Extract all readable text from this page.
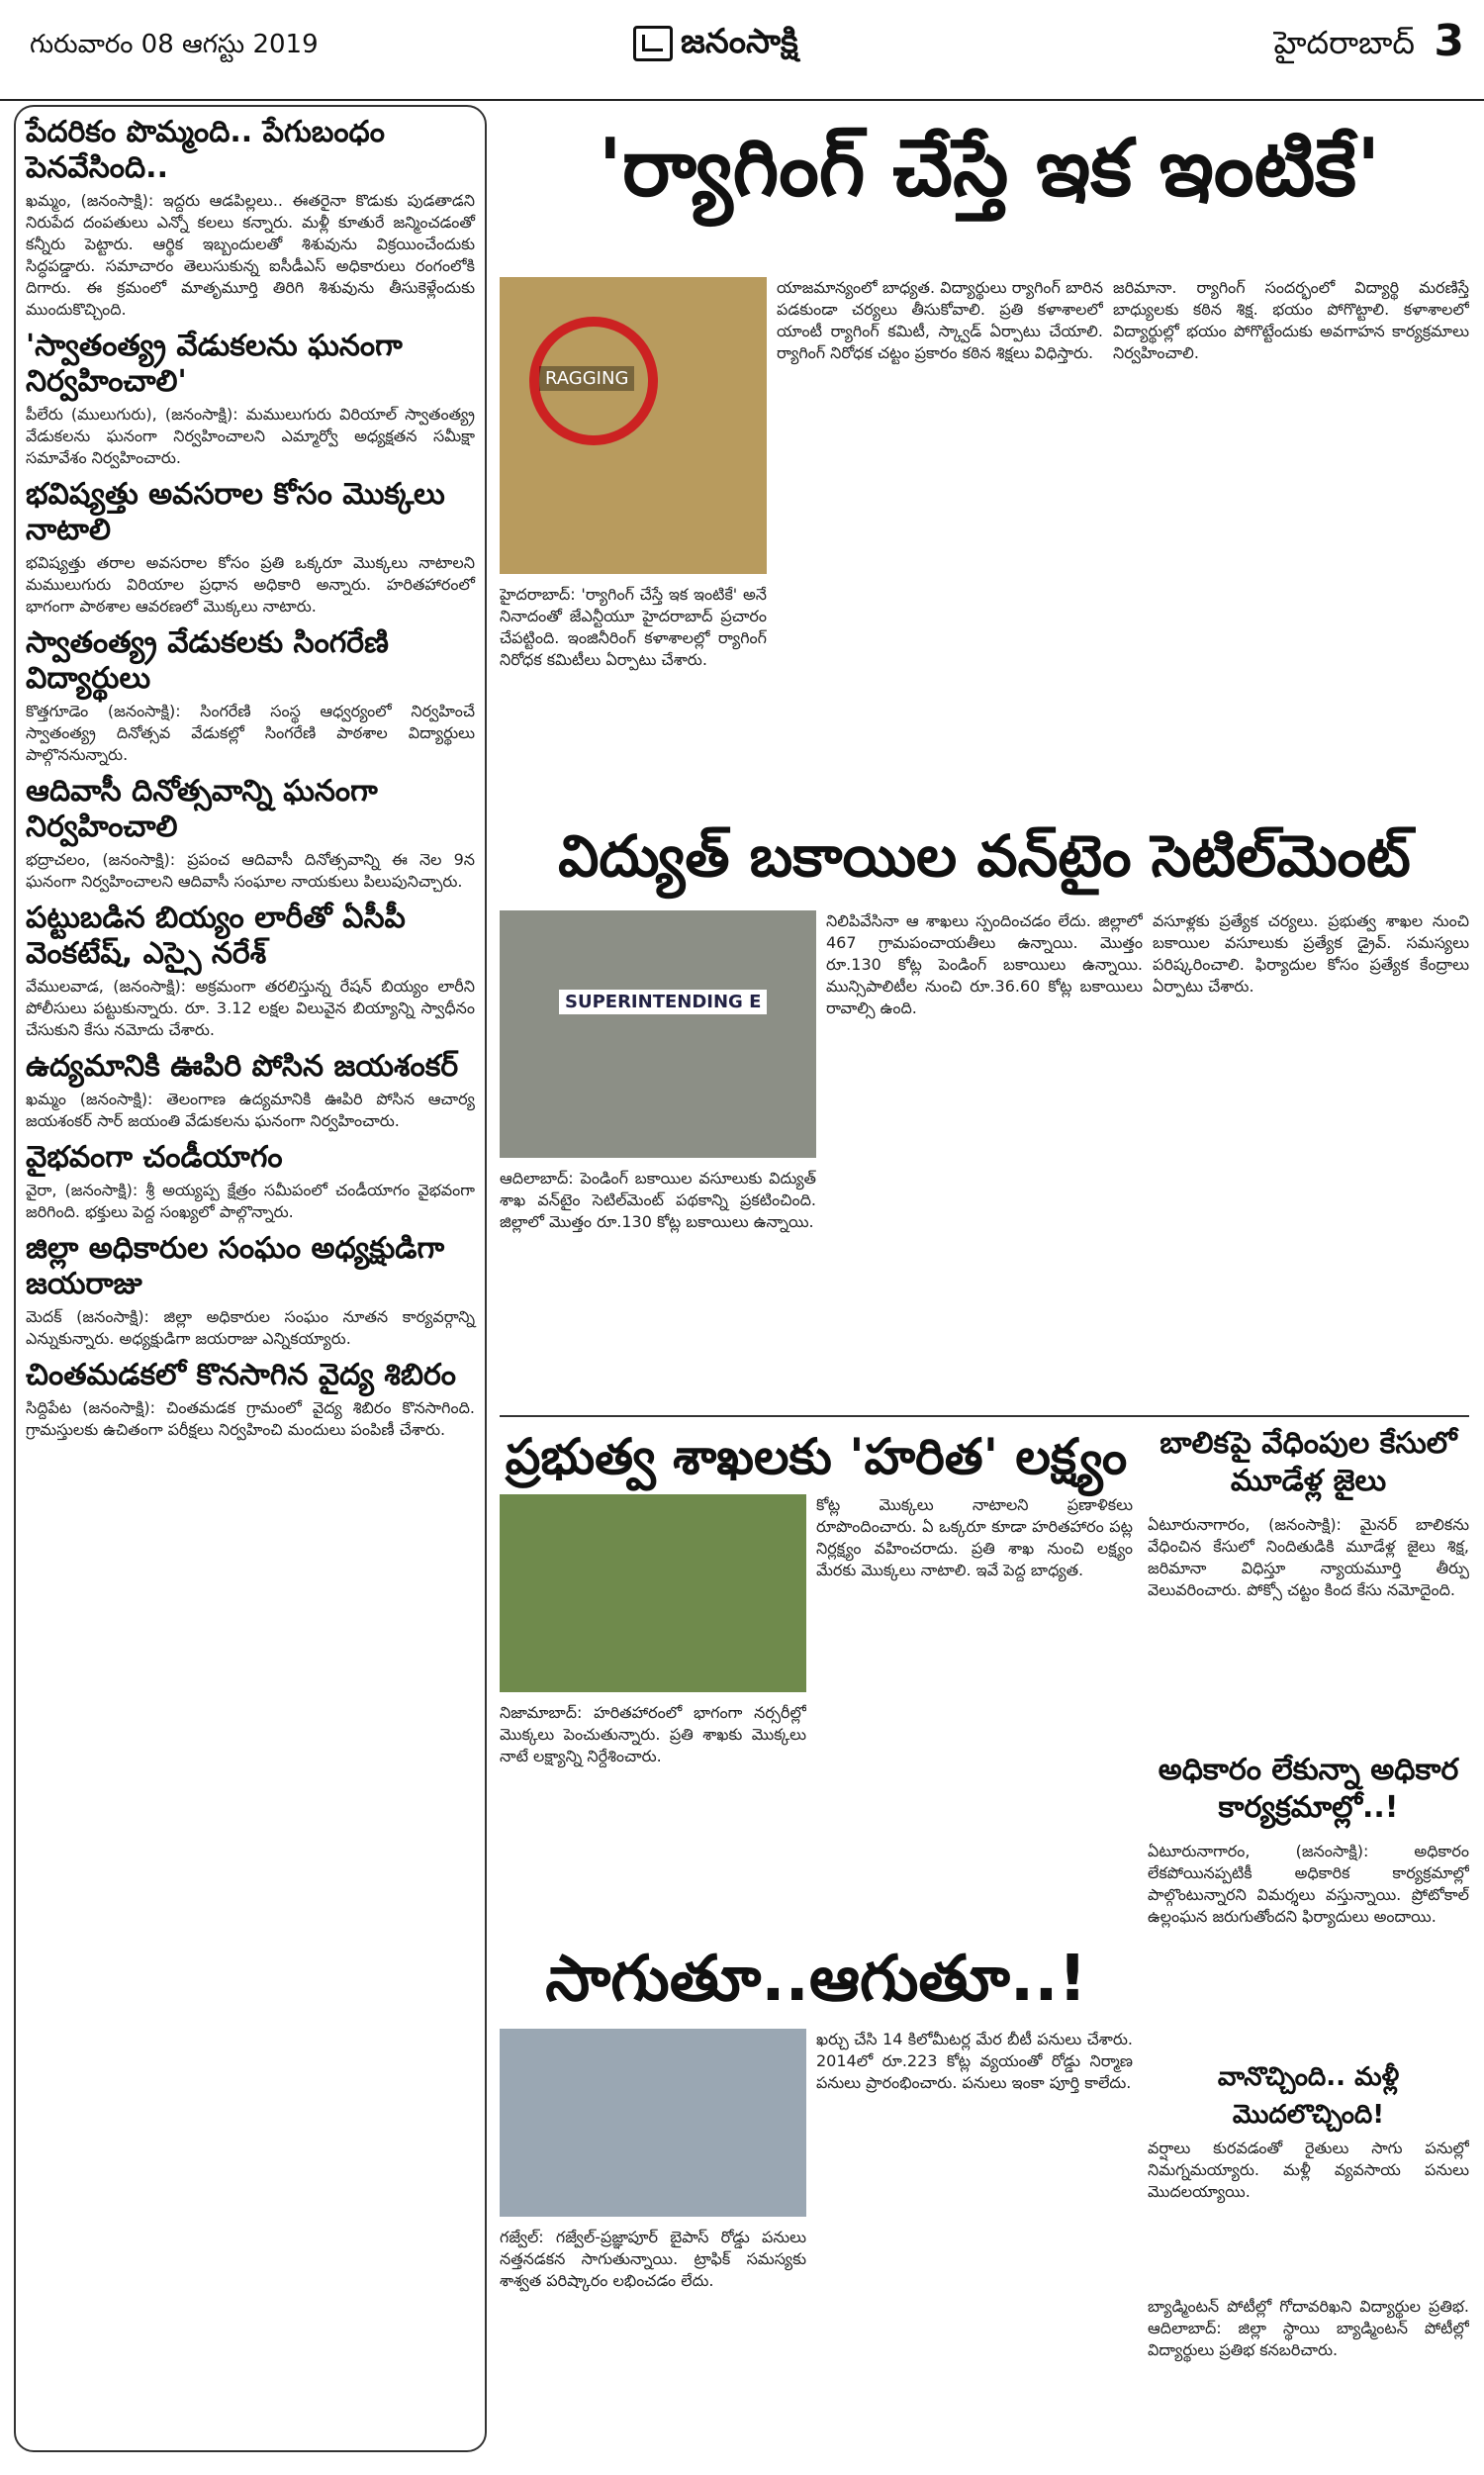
గురువారం 08 ఆగస్టు 2019	జనంసాక్షి	హైదరాబాద్ 3
పేదరికం పొమ్మంది.. పేగుబంధం పెనవేసింది..

ఖమ్మం, (జనంసాక్షి): ఇద్దరు ఆడపిల్లలు.. ఈతరైనా కొడుకు పుడతాడని నిరుపేద దంపతులు ఎన్నో కలలు కన్నారు. మళ్లీ కూతురే జన్మించడంతో కన్నీరు పెట్టారు. ఆర్థిక ఇబ్బందులతో శిశువును విక్రయించేందుకు సిద్ధపడ్డారు. సమాచారం తెలుసుకున్న ఐసీడీఎస్ అధికారులు రంగంలోకి దిగారు. ఈ క్రమంలో మాతృమూర్తి తిరిగి శిశువును తీసుకెళ్లేందుకు ముందుకొచ్చింది.

'స్వాతంత్య్ర వేడుకలను ఘనంగా నిర్వహించాలి'

పీలేరు (ములుగురు), (జనంసాక్షి): మములుగురు విరియాల్ స్వాతంత్య్ర వేడుకలను ఘనంగా నిర్వహించాలని ఎమ్మార్వో అధ్యక్షతన సమీక్షా సమావేశం నిర్వహించారు.

భవిష్యత్తు అవసరాల కోసం మొక్కలు నాటాలి

భవిష్యత్తు తరాల అవసరాల కోసం ప్రతి ఒక్కరూ మొక్కలు నాటాలని మములుగురు విరియాల ప్రధాన అధికారి అన్నారు. హరితహారంలో భాగంగా పాఠశాల ఆవరణలో మొక్కలు నాటారు.

స్వాతంత్య్ర వేడుకలకు సింగరేణి విద్యార్థులు

కొత్తగూడెం (జనంసాక్షి): సింగరేణి సంస్థ ఆధ్వర్యంలో నిర్వహించే స్వాతంత్య్ర దినోత్సవ వేడుకల్లో సింగరేణి పాఠశాల విద్యార్థులు పాల్గొననున్నారు.

ఆదివాసీ దినోత్సవాన్ని ఘనంగా నిర్వహించాలి

భద్రాచలం, (జనంసాక్షి): ప్రపంచ ఆదివాసీ దినోత్సవాన్ని ఈ నెల 9న ఘనంగా నిర్వహించాలని ఆదివాసీ సంఘాల నాయకులు పిలుపునిచ్చారు.

పట్టుబడిన బియ్యం లారీతో ఏసీపీ వెంకటేష్, ఎస్సై నరేశ్

వేములవాడ, (జనంసాక్షి): అక్రమంగా తరలిస్తున్న రేషన్ బియ్యం లారీని పోలీసులు పట్టుకున్నారు. రూ. 3.12 లక్షల విలువైన బియ్యాన్ని స్వాధీనం చేసుకుని కేసు నమోదు చేశారు.

ఉద్యమానికి ఊపిరి పోసిన జయశంకర్

ఖమ్మం (జనంసాక్షి): తెలంగాణ ఉద్యమానికి ఊపిరి పోసిన ఆచార్య జయశంకర్ సార్ జయంతి వేడుకలను ఘనంగా నిర్వహించారు.

వైభవంగా చండీయాగం

వైరా, (జనంసాక్షి): శ్రీ అయ్యప్ప క్షేత్రం సమీపంలో చండీయాగం వైభవంగా జరిగింది. భక్తులు పెద్ద సంఖ్యలో పాల్గొన్నారు.

జిల్లా అధికారుల సంఘం అధ్యక్షుడిగా జయరాజు

మెదక్ (జనంసాక్షి): జిల్లా అధికారుల సంఘం నూతన కార్యవర్గాన్ని ఎన్నుకున్నారు. అధ్యక్షుడిగా జయరాజు ఎన్నికయ్యారు.

చింతమడకలో కొనసాగిన వైద్య శిబిరం

సిద్దిపేట (జనంసాక్షి): చింతమడక గ్రామంలో వైద్య శిబిరం కొనసాగింది. గ్రామస్తులకు ఉచితంగా పరీక్షలు నిర్వహించి మందులు పంపిణీ చేశారు.

'ర్యాగింగ్ చేస్తే ఇక ఇంటికే'
RAGGING
హైదరాబాద్: 'ర్యాగింగ్ చేస్తే ఇక ఇంటికే' అనే నినాదంతో జేఎన్టీయూ హైదరాబాద్ ప్రచారం చేపట్టింది. ఇంజినీరింగ్ కళాశాలల్లో ర్యాగింగ్ నిరోధక కమిటీలు ఏర్పాటు చేశారు.
యాజమాన్యంలో బాధ్యత. విద్యార్థులు ర్యాగింగ్ బారిన పడకుండా చర్యలు తీసుకోవాలి. ప్రతి కళాశాలలో యాంటీ ర్యాగింగ్ కమిటీ, స్క్వాడ్ ఏర్పాటు చేయాలి. ర్యాగింగ్ నిరోధక చట్టం ప్రకారం కఠిన శిక్షలు విధిస్తారు.
జరిమానా. ర్యాగింగ్ సందర్భంలో విద్యార్థి మరణిస్తే బాధ్యులకు కఠిన శిక్ష. భయం పోగొట్టాలి. కళాశాలలో విద్యార్థుల్లో భయం పోగొట్టేందుకు అవగాహన కార్యక్రమాలు నిర్వహించాలి.
విద్యుత్ బకాయిల వన్‌టైం సెటిల్‌మెంట్
SUPERINTENDING E
ఆదిలాబాద్: పెండింగ్ బకాయిల వసూలుకు విద్యుత్ శాఖ వన్‌టైం సెటిల్‌మెంట్ పథకాన్ని ప్రకటించింది. జిల్లాలో మొత్తం రూ.130 కోట్ల బకాయిలు ఉన్నాయి.
నిలిపివేసినా ఆ శాఖలు స్పందించడం లేదు. జిల్లాలో 467 గ్రామపంచాయతీలు ఉన్నాయి. మొత్తం రూ.130 కోట్ల పెండింగ్ బకాయిలు ఉన్నాయి. మున్సిపాలిటీల నుంచి రూ.36.60 కోట్ల బకాయిలు రావాల్సి ఉంది.
వసూళ్లకు ప్రత్యేక చర్యలు. ప్రభుత్వ శాఖల నుంచి బకాయిల వసూలుకు ప్రత్యేక డ్రైవ్. సమస్యలు పరిష్కరించాలి. ఫిర్యాదుల కోసం ప్రత్యేక కేంద్రాలు ఏర్పాటు చేశారు.
ప్రభుత్వ శాఖలకు 'హరిత' లక్ష్యం
నిజామాబాద్: హరితహారంలో భాగంగా నర్సరీల్లో మొక్కలు పెంచుతున్నారు. ప్రతి శాఖకు మొక్కలు నాటే లక్ష్యాన్ని నిర్దేశించారు.
కోట్ల మొక్కలు నాటాలని ప్రణాళికలు రూపొందించారు. ఏ ఒక్కరూ కూడా హరితహారం పట్ల నిర్లక్ష్యం వహించరాదు. ప్రతి శాఖ నుంచి లక్ష్యం మేరకు మొక్కలు నాటాలి. ఇవే పెద్ద బాధ్యత.
బాలికపై వేధింపుల కేసులో మూడేళ్ల జైలు
ఏటూరునాగారం, (జనంసాక్షి): మైనర్ బాలికను వేధించిన కేసులో నిందితుడికి మూడేళ్ల జైలు శిక్ష, జరిమానా విధిస్తూ న్యాయమూర్తి తీర్పు వెలువరించారు. పోక్సో చట్టం కింద కేసు నమోదైంది.
అధికారం లేకున్నా అధికార కార్యక్రమాల్లో..!
ఏటూరునాగారం, (జనంసాక్షి): అధికారం లేకపోయినప్పటికీ అధికారిక కార్యక్రమాల్లో పాల్గొంటున్నారని విమర్శలు వస్తున్నాయి. ప్రోటోకాల్ ఉల్లంఘన జరుగుతోందని ఫిర్యాదులు అందాయి.
వానొచ్చింది.. మళ్లీ మొదలొచ్చింది!
వర్షాలు కురవడంతో రైతులు సాగు పనుల్లో నిమగ్నమయ్యారు. మళ్లీ వ్యవసాయ పనులు మొదలయ్యాయి.
సాగుతూ..ఆగుతూ..!
గజ్వేల్: గజ్వేల్-ప్రజ్ఞాపూర్ బైపాస్ రోడ్డు పనులు నత్తనడకన సాగుతున్నాయి. ట్రాఫిక్ సమస్యకు శాశ్వత పరిష్కారం లభించడం లేదు.
ఖర్చు చేసి 14 కిలోమీటర్ల మేర బీటీ పనులు చేశారు. 2014లో రూ.223 కోట్ల వ్యయంతో రోడ్డు నిర్మాణ పనులు ప్రారంభించారు. పనులు ఇంకా పూర్తి కాలేదు.
బ్యాడ్మింటన్ పోటీల్లో గోదావరిఖని విద్యార్థుల ప్రతిభ. ఆదిలాబాద్: జిల్లా స్థాయి బ్యాడ్మింటన్ పోటీల్లో విద్యార్థులు ప్రతిభ కనబరిచారు.
